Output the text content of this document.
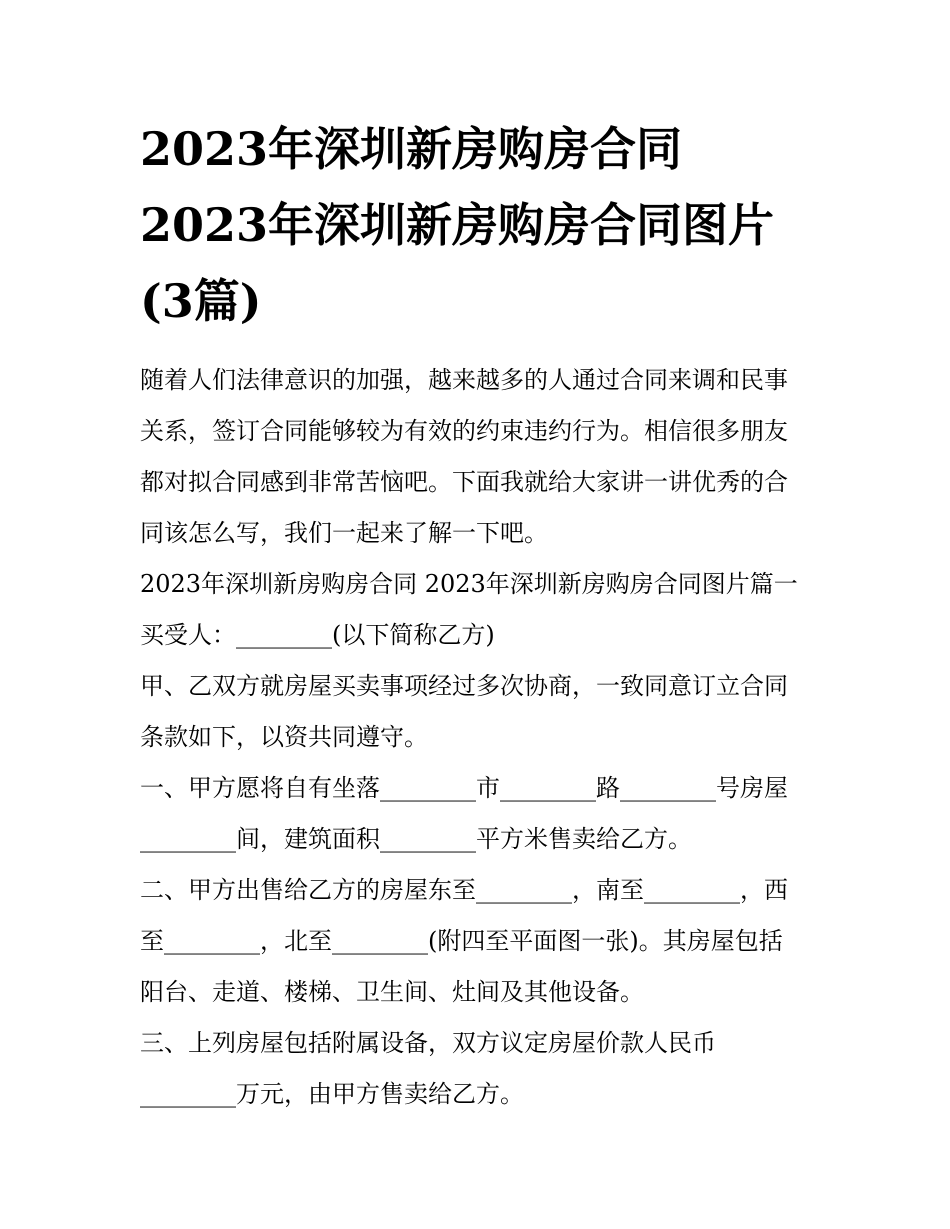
2023年深圳新房购房合同
2023年深圳新房购房合同图片
(3篇)
随着人们法律意识的加强，越来越多的人通过合同来调和民事
关系，签订合同能够较为有效的约束违约行为。相信很多朋友
都对拟合同感到非常苦恼吧。下面我就给大家讲一讲优秀的合
同该怎么写，我们一起来了解一下吧。
2023年深圳新房购房合同 2023年深圳新房购房合同图片篇一
买受人：________(以下简称乙方)
甲、乙双方就房屋买卖事项经过多次协商，一致同意订立合同
条款如下，以资共同遵守。
一、甲方愿将自有坐落________市________路________号房屋
________间，建筑面积________平方米售卖给乙方。
二、甲方出售给乙方的房屋东至________，南至________，西
至________，北至________(附四至平面图一张)。其房屋包括
阳台、走道、楼梯、卫生间、灶间及其他设备。
三、上列房屋包括附属设备，双方议定房屋价款人民币
________万元，由甲方售卖给乙方。
